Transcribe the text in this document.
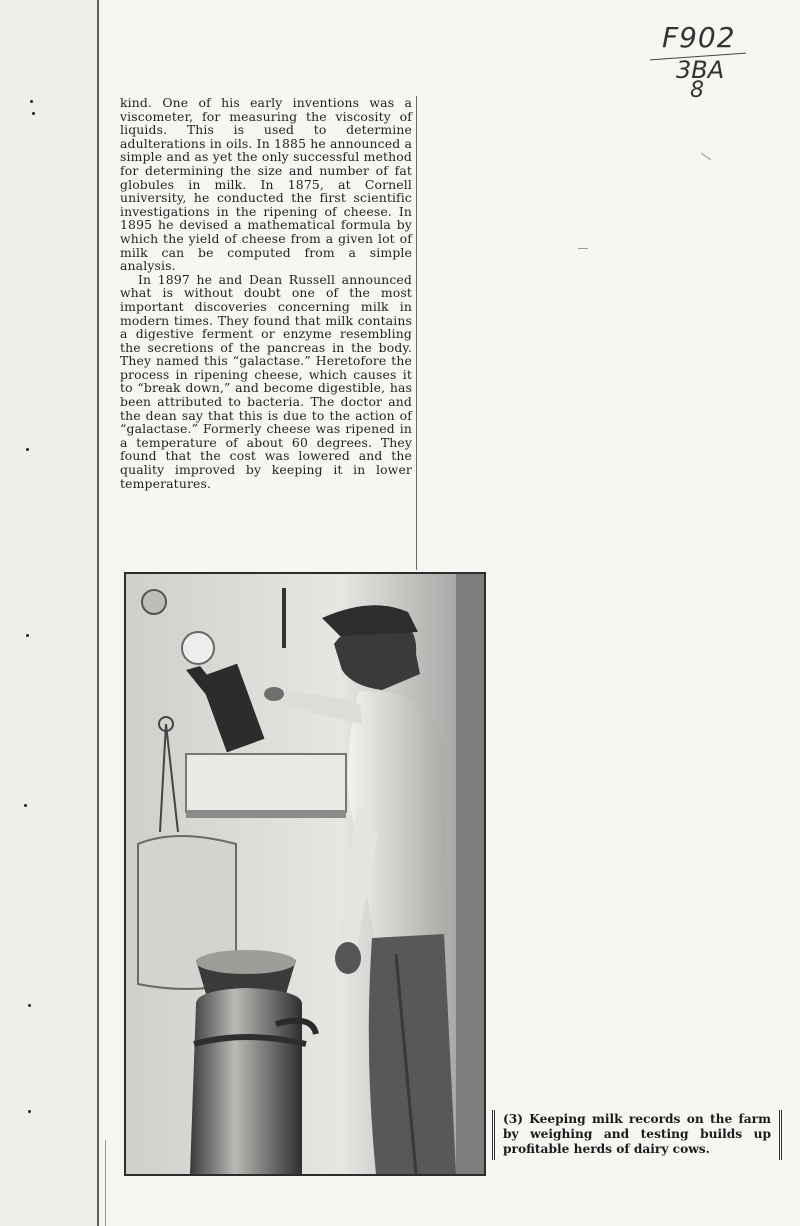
F902
3BA
8

kind. One of his early inventions was a viscometer, for measuring the viscosity of liquids. This is used to determine adulterations in oils. In 1885 he announced a simple and as yet the only successful method for determining the size and number of fat globules in milk. In 1875, at Cornell university, he conducted the first scientific investigations in the ripening of cheese. In 1895 he devised a mathematical formula by which the yield of cheese from a given lot of milk can be computed from a simple analysis.

In 1897 he and Dean Russell announced what is without doubt one of the most important discoveries concerning milk in modern times. They found that milk contains a digestive ferment or enzyme resembling the secretions of the pancreas in the body. They named this “galactase.” Heretofore the process in ripening cheese, which causes it to “break down,” and become digestible, has been attributed to bacteria. The doctor and the dean say that this is due to the action of “galactase.” Formerly cheese was ripened in a temperature of about 60 degrees. They found that the cost was lowered and the quality improved by keeping it in lower temperatures.

(3) Keeping milk records on the farm by weighing and testing builds up profitable herds of dairy cows.
